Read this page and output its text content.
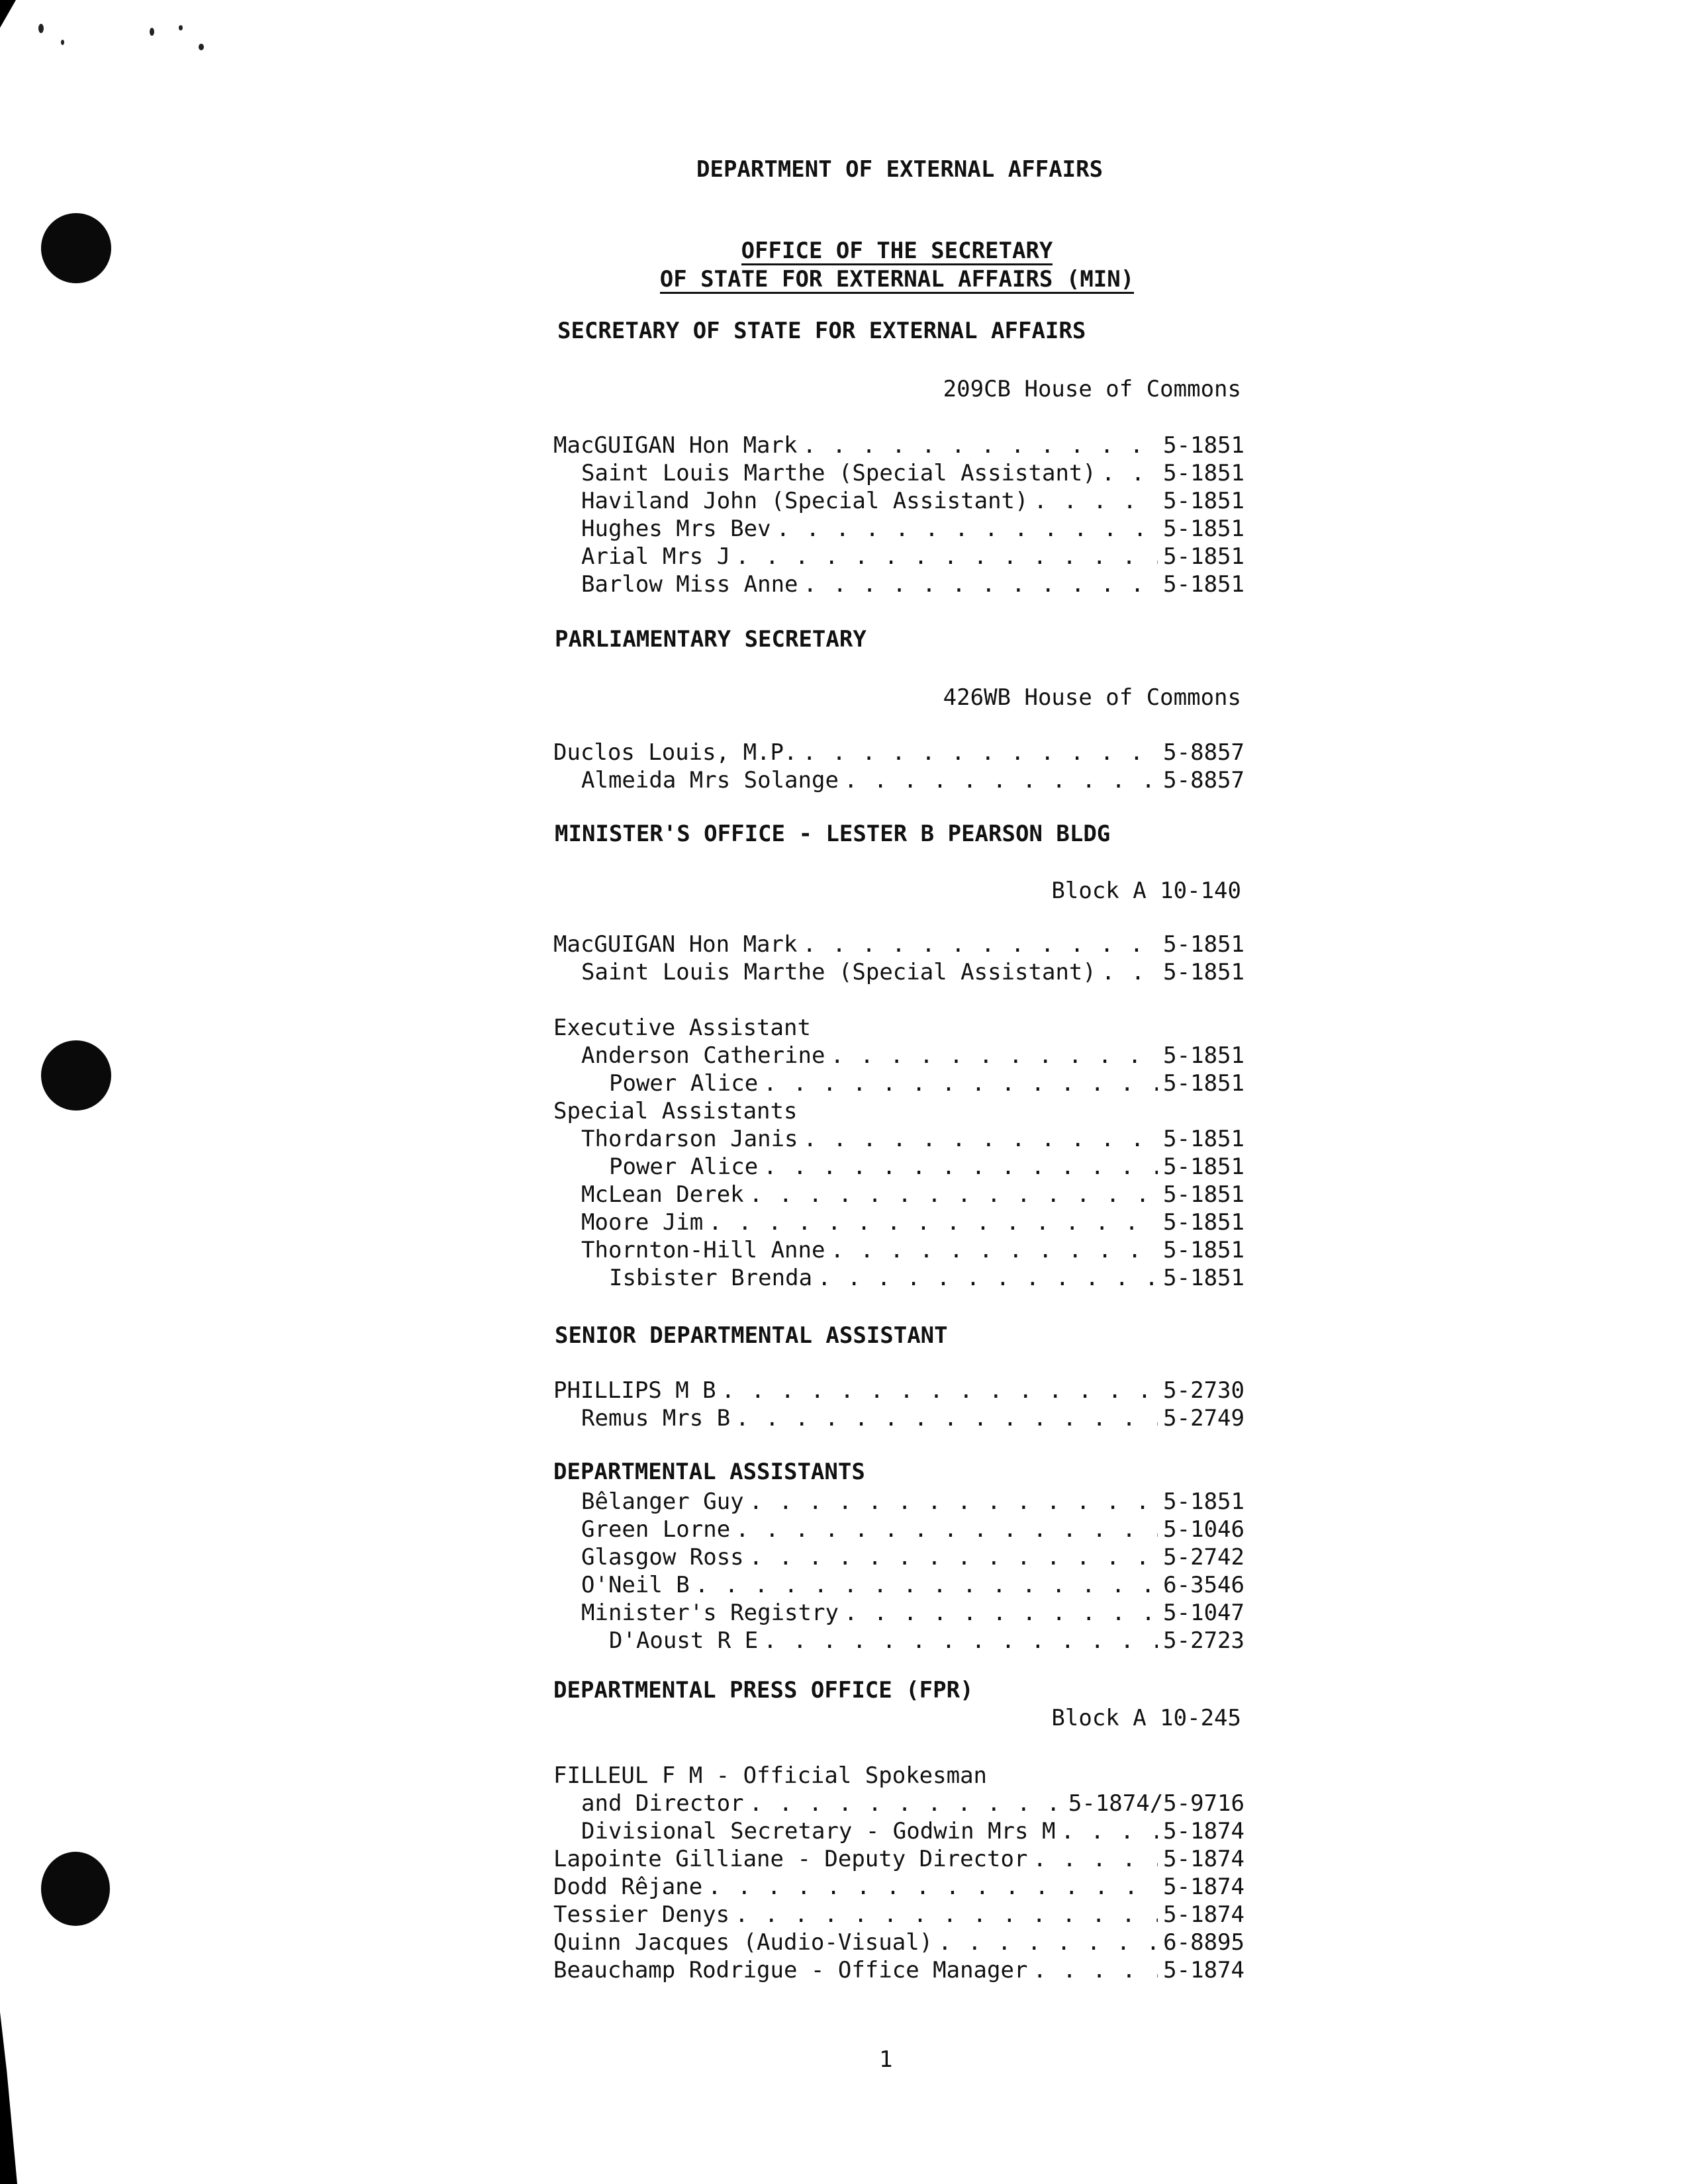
DEPARTMENT OF EXTERNAL AFFAIRS
OFFICE OF THE SECRETARY
OF STATE FOR EXTERNAL AFFAIRS (MIN)
SECRETARY OF STATE FOR EXTERNAL AFFAIRS
209CB House of Commons
MacGUIGAN Hon Mark . . .	5-1851
Saint Louis Marthe (Special Assistant) . . .	5-1851
Haviland John (Special Assistant) . . .	5-1851
Hughes Mrs Bev . . .	5-1851
Arial Mrs J . . .	5-1851
Barlow Miss Anne . . .	5-1851
PARLIAMENTARY SECRETARY
426WB House of Commons
Duclos Louis, M.P. . . .	5-8857
Almeida Mrs Solange . . .	5-8857
MINISTER'S OFFICE - LESTER B PEARSON BLDG
Block A 10-140
MacGUIGAN Hon Mark . . .	5-1851
Saint Louis Marthe (Special Assistant) . . .	5-1851
Executive Assistant
Anderson Catherine . . .	5-1851
Power Alice . . .	5-1851
Special Assistants
Thordarson Janis . . .	5-1851
Power Alice . . .	5-1851
McLean Derek . . .	5-1851
Moore Jim . . .	5-1851
Thornton-Hill Anne . . .	5-1851
Isbister Brenda . . .	5-1851
SENIOR DEPARTMENTAL ASSISTANT
PHILLIPS M B . . .	5-2730
Remus Mrs B . . .	5-2749
DEPARTMENTAL ASSISTANTS
Bêlanger Guy . . .	5-1851
Green Lorne . . .	5-1046
Glasgow Ross . . .	5-2742
O'Neil B . . .	6-3546
Minister's Registry . . .	5-1047
D'Aoust R E . . .	5-2723
DEPARTMENTAL PRESS OFFICE (FPR)
Block A 10-245
FILLEUL F M - Official Spokesman
and Director . . .	5-1874/5-9716
Divisional Secretary - Godwin Mrs M . . .	5-1874
Lapointe Gilliane - Deputy Director . . .	5-1874
Dodd Rêjane . . .	5-1874
Tessier Denys . . .	5-1874
Quinn Jacques (Audio-Visual) . . .	6-8895
Beauchamp Rodrigue - Office Manager . . .	5-1874
1
